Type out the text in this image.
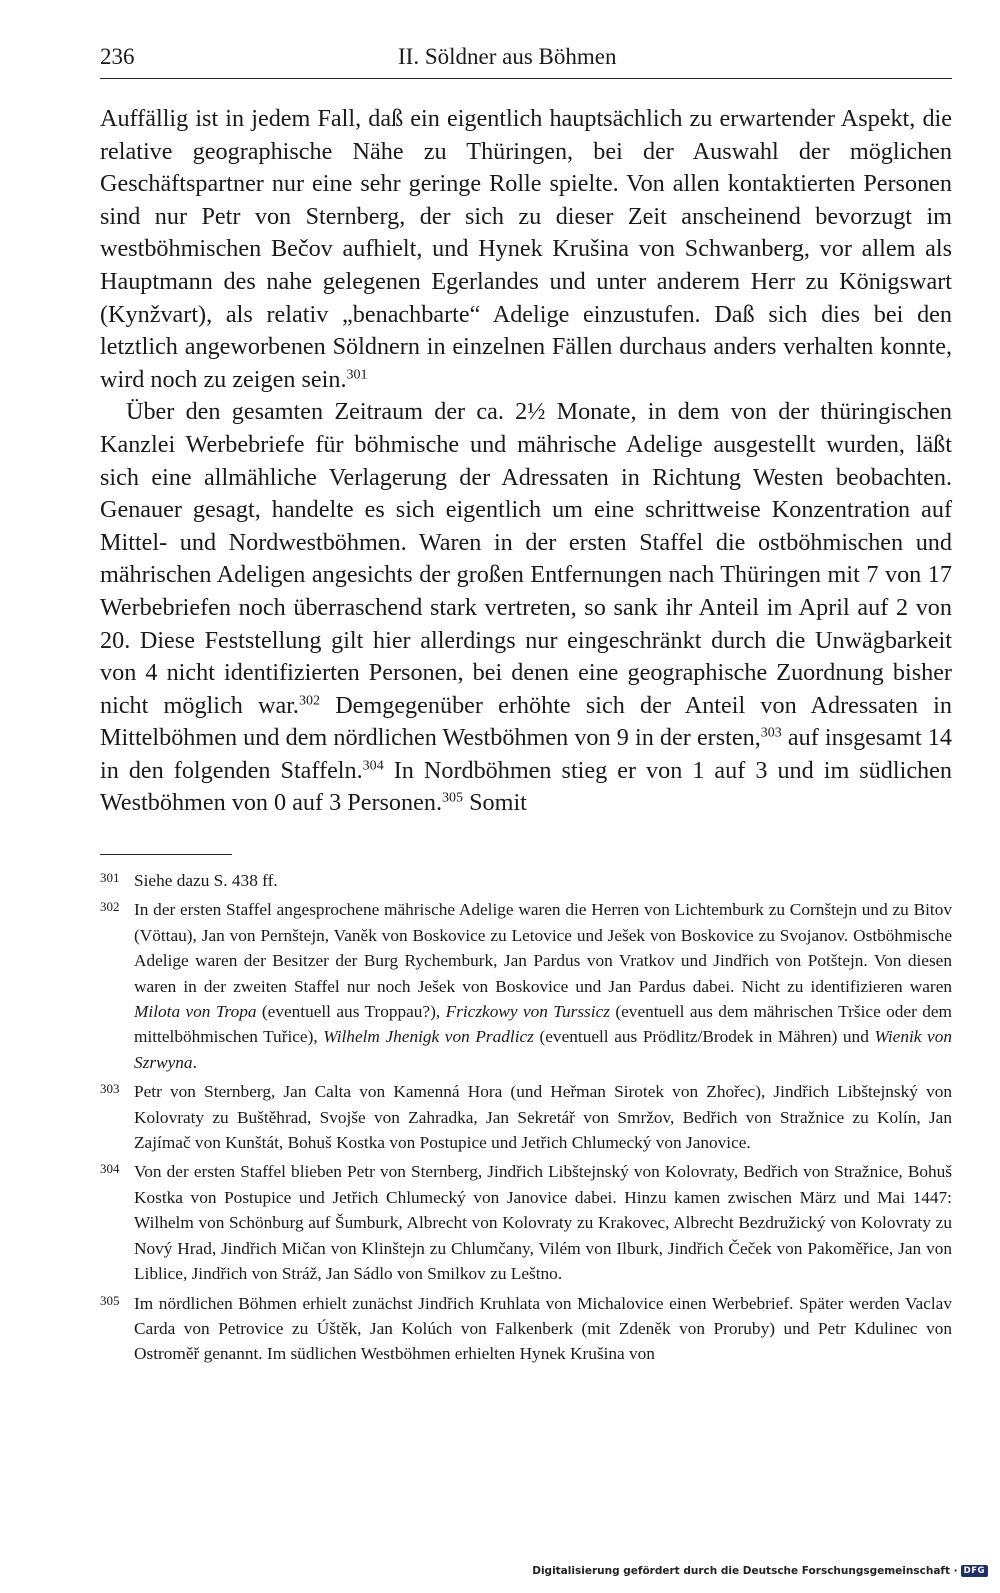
236	II. Söldner aus Böhmen

Auffällig ist in jedem Fall, daß ein eigentlich hauptsächlich zu erwartender Aspekt, die relative geographische Nähe zu Thüringen, bei der Auswahl der möglichen Geschäftspartner nur eine sehr geringe Rolle spielte. Von allen kontaktierten Personen sind nur Petr von Sternberg, der sich zu dieser Zeit anscheinend bevorzugt im westböhmischen Bečov aufhielt, und Hynek Krušina von Schwanberg, vor allem als Hauptmann des nahe gelegenen Egerlandes und unter anderem Herr zu Königswart (Kynžvart), als relativ „benachbarte“ Adelige einzustufen. Daß sich dies bei den letztlich angeworbenen Söldnern in einzelnen Fällen durchaus anders verhalten konnte, wird noch zu zeigen sein.$^{301}$

Über den gesamten Zeitraum der ca. 2½ Monate, in dem von der thüringischen Kanzlei Werbebriefe für böhmische und mährische Adelige ausgestellt wurden, läßt sich eine allmähliche Verlagerung der Adressaten in Richtung Westen beobachten. Genauer gesagt, handelte es sich eigentlich um eine schrittweise Konzentration auf Mittel- und Nordwestböhmen. Waren in der ersten Staffel die ostböhmischen und mährischen Adeligen angesichts der großen Entfernungen nach Thüringen mit 7 von 17 Werbebriefen noch überraschend stark vertreten, so sank ihr Anteil im April auf 2 von 20. Diese Feststellung gilt hier allerdings nur eingeschränkt durch die Unwägbarkeit von 4 nicht identifizierten Personen, bei denen eine geographische Zuordnung bisher nicht möglich war.$^{302}$ Demgegenüber erhöhte sich der Anteil von Adressaten in Mittelböhmen und dem nördlichen Westböhmen von 9 in der ersten,$^{303}$ auf insgesamt 14 in den folgenden Staffeln.$^{304}$ In Nordböhmen stieg er von 1 auf 3 und im südlichen Westböhmen von 0 auf 3 Personen.$^{305}$ Somit

301 Siehe dazu S. 438 ff.
302 In der ersten Staffel angesprochene mährische Adelige waren die Herren von Lichtemburk zu Cornštejn und zu Bitov (Vöttau), Jan von Pernštejn, Vaněk von Boskovice zu Letovice und Ješek von Boskovice zu Svojanov. Ostböhmische Adelige waren der Besitzer der Burg Rychemburk, Jan Pardus von Vratkov und Jindřich von Potštejn. Von diesen waren in der zweiten Staffel nur noch Ješek von Boskovice und Jan Pardus dabei. Nicht zu identifizieren waren Milota von Tropa (eventuell aus Troppau?), Friczkowy von Turssicz (eventuell aus dem mährischen Tršice oder dem mittelböhmischen Tuřice), Wilhelm Jhenigk von Pradlicz (eventuell aus Prödlitz/Brodek in Mähren) und Wienik von Szrwyna.
303 Petr von Sternberg, Jan Calta von Kamenná Hora (und Heřman Sirotek von Zhořec), Jindřich Libštejnský von Kolovraty zu Buštěhrad, Svojše von Zahradka, Jan Sekretář von Smržov, Bedřich von Stražnice zu Kolín, Jan Zajímač von Kunštát, Bohuš Kostka von Postupice und Jetřich Chlumecký von Janovice.
304 Von der ersten Staffel blieben Petr von Sternberg, Jindřich Libštejnský von Kolovraty, Bedřich von Stražnice, Bohuš Kostka von Postupice und Jetřich Chlumecký von Janovice dabei. Hinzu kamen zwischen März und Mai 1447: Wilhelm von Schönburg auf Šumburk, Albrecht von Kolovraty zu Krakovec, Albrecht Bezdružický von Kolovraty zu Nový Hrad, Jindřich Mičan von Klinštejn zu Chlumčany, Vilém von Ilburk, Jindřich Čeček von Pakoměřice, Jan von Liblice, Jindřich von Stráž, Jan Sádlo von Smilkov zu Leštno.
305 Im nördlichen Böhmen erhielt zunächst Jindřich Kruhlata von Michalovice einen Werbebrief. Später werden Vaclav Carda von Petrovice zu Úštěk, Jan Kolúch von Falkenberk (mit Zdeněk von Proruby) und Petr Kdulinec von Ostroměř genannt. Im südlichen Westböhmen erhielten Hynek Krušina von
Digitalisierung gefördert durch die Deutsche Forschungsgemeinschaft · DFG
